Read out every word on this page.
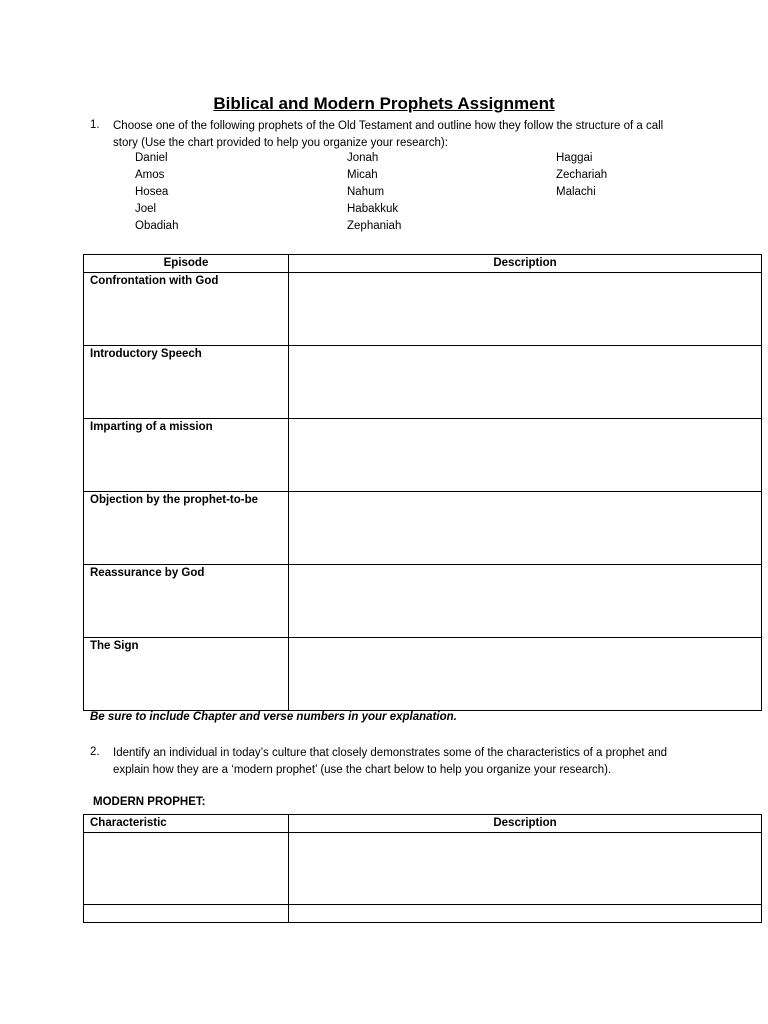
Biblical and Modern Prophets Assignment
1. Choose one of the following prophets of the Old Testament and outline how they follow the structure of a call
story (Use the chart provided to help you organize your research):
Daniel
Amos
Hosea
Joel
Obadiah
Jonah
Micah
Nahum
Habakkuk
Zephaniah
Haggai
Zechariah
Malachi
Episode	Description
Confrontation with God	
Introductory Speech	
Imparting of a mission	
Objection by the prophet-to-be	
Reassurance by God	
The Sign	
Be sure to include Chapter and verse numbers in your explanation.
2. Identify an individual in today’s culture that closely demonstrates some of the characteristics of a prophet and
explain how they are a ‘modern prophet’ (use the chart below to help you organize your research).
MODERN PROPHET:
Characteristic	Description
